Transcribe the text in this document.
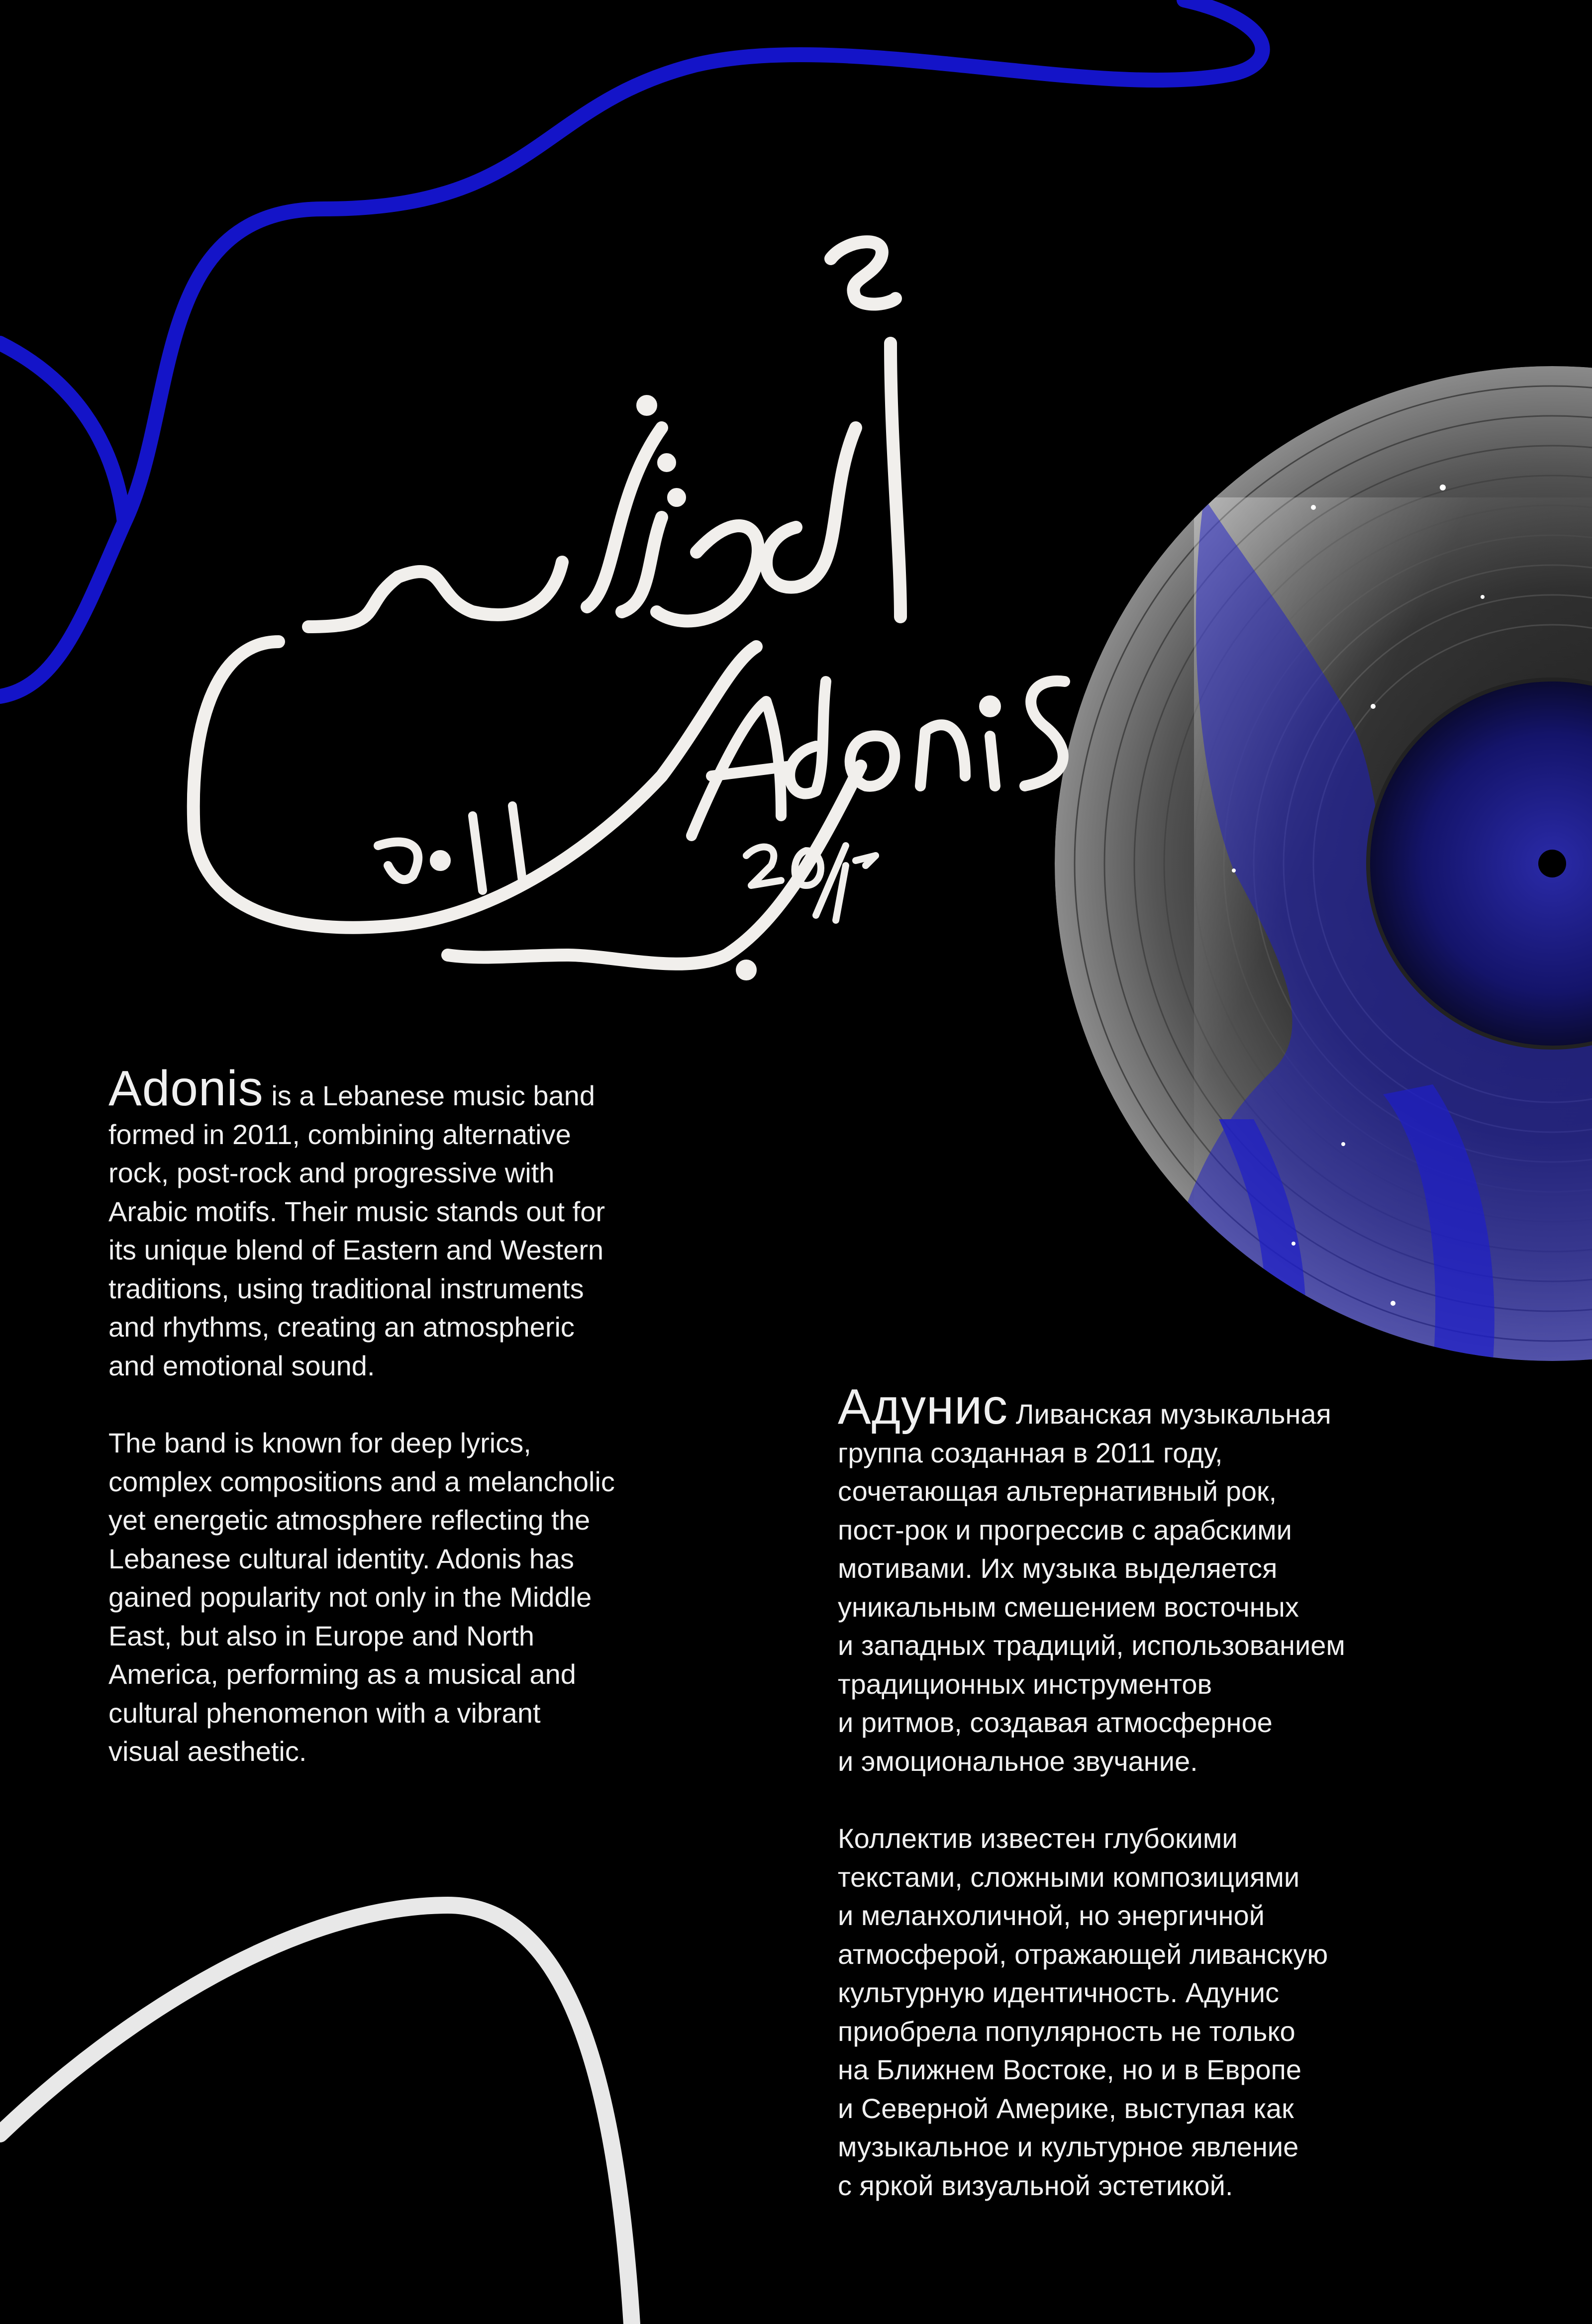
Adonis is a Lebanese music band
formed in 2011, combining alternative
rock, post-rock and progressive with
Arabic motifs. Their music stands out for
its unique blend of Eastern and Western
traditions, using traditional instruments
and rhythms, creating an atmospheric
and emotional sound.

The band is known for deep lyrics,
complex compositions and a melancholic
yet energetic atmosphere reflecting the
Lebanese cultural identity. Adonis has
gained popularity not only in the Middle
East, but also in Europe and North
America, performing as a musical and
cultural phenomenon with a vibrant
visual aesthetic.

Адунис Ливанская музыкальная
группа созданная в 2011 году,
сочетающая альтернативный рок,
пост-рок и прогрессив с арабскими
мотивами. Их музыка выделяется
уникальным смешением восточных
и западных традиций, использованием
традиционных инструментов
и ритмов, создавая атмосферное
и эмоциональное звучание.

Коллектив известен глубокими
текстами, сложными композициями
и меланхоличной, но энергичной
атмосферой, отражающей ливанскую
культурную идентичность. Адунис
приобрела популярность не только
на Ближнем Востоке, но и в Европе
и Северной Америке, выступая как
музыкальное и культурное явление
с яркой визуальной эстетикой.
